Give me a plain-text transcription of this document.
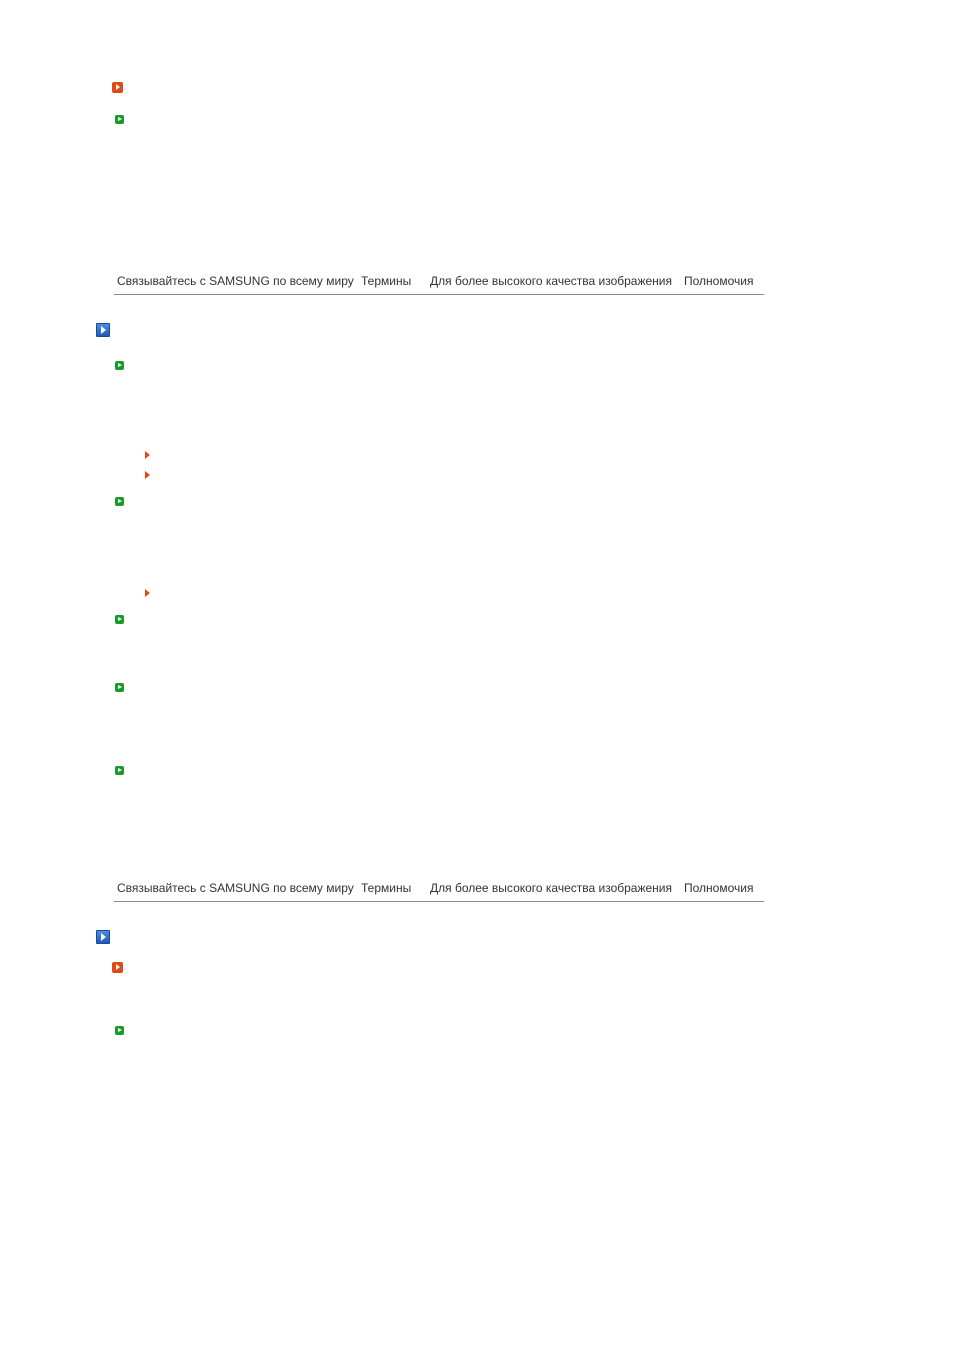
Связывайтесь с SAMSUNG по всему миру Термины Для более высокого качества изображения Полномочия
Связывайтесь с SAMSUNG по всему миру Термины Для более высокого качества изображения Полномочия
